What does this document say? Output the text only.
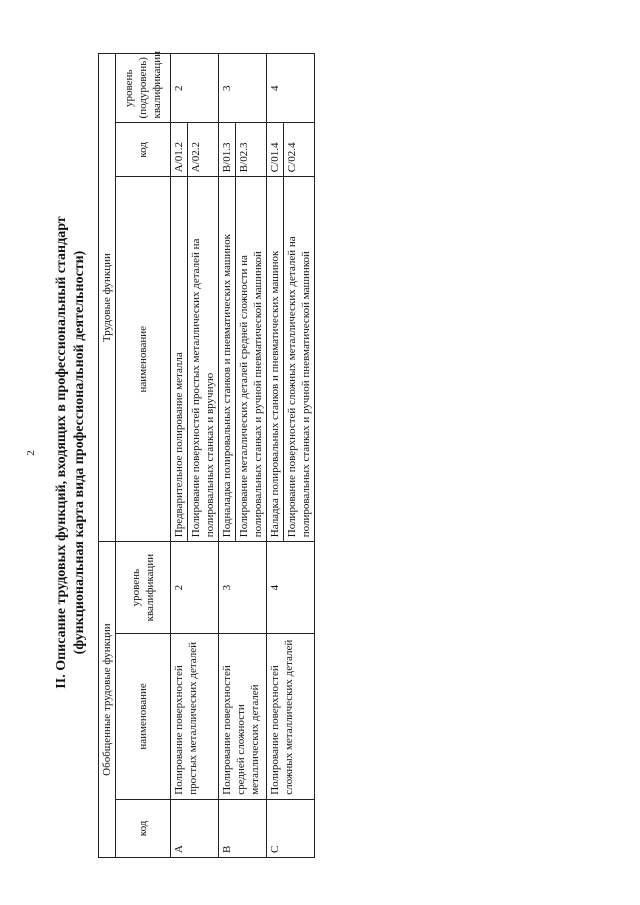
2 II. Описание трудовых функций, входящих в профессиональный стандарт (функциональная карта вида профессиональной деятельности)
Обобщенные трудовые функции			Трудовые функции		
код	наименование	уровень квалификации	наименование	код	уровень (подуровень) квалификации
A	Полирование поверхностей простых металлических деталей	2	Предварительное полирование металла	A/01.2	2
			Полирование поверхностей простых металлических деталей на полировальных станках и вручную	A/02.2	
B	Полирование поверхностей средней сложности металлических деталей	3	Подналадка полировальных станков и пневматических машинок	B/01.3	3
			Полирование металлических деталей средней сложности на полировальных станках и ручной пневматической машинкой	B/02.3	
C	Полирование поверхностей сложных металлических деталей	4	Наладка полировальных станков и пневматических машинок	C/01.4	4
			Полирование поверхностей сложных металлических деталей на полировальных станках и ручной пневматической машинкой	C/02.4	
